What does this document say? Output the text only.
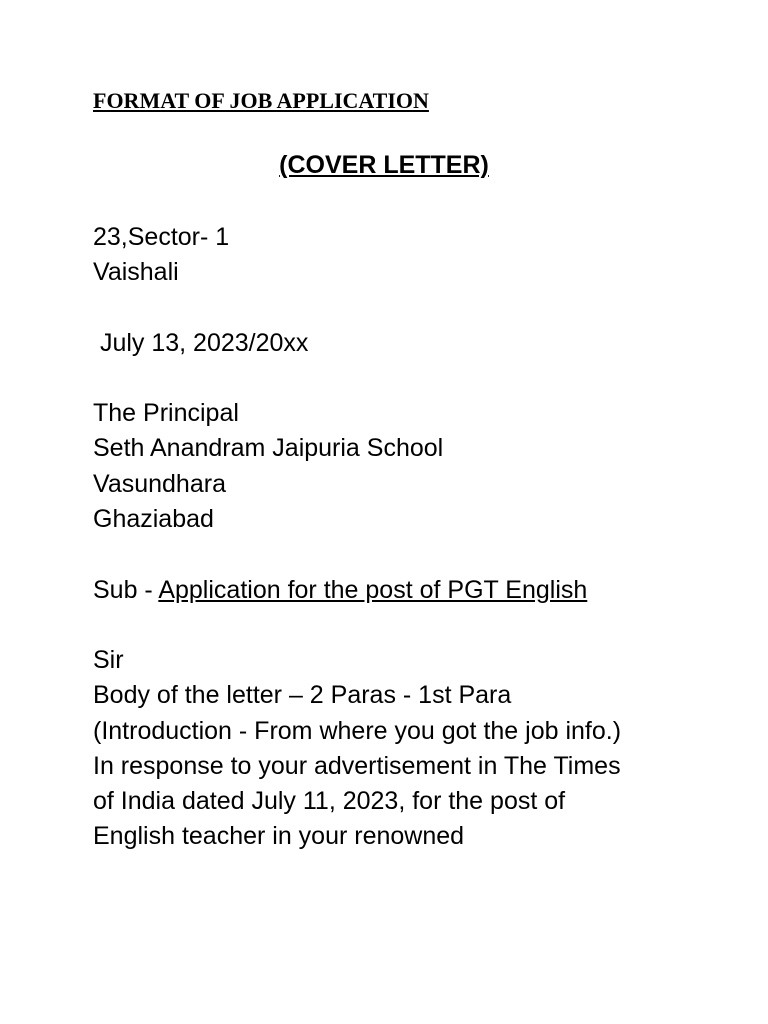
FORMAT OF JOB APPLICATION
(COVER LETTER)
23,Sector- 1
Vaishali
July 13, 2023/20xx
The Principal
Seth Anandram Jaipuria School
Vasundhara
Ghaziabad
Sub - Application for the post of PGT English
Sir
Body of the letter – 2 Paras - 1st Para
(Introduction - From where you got the job info.)
In response to your advertisement in The Times of India dated July 11, 2023, for the post of English teacher in your renowned
